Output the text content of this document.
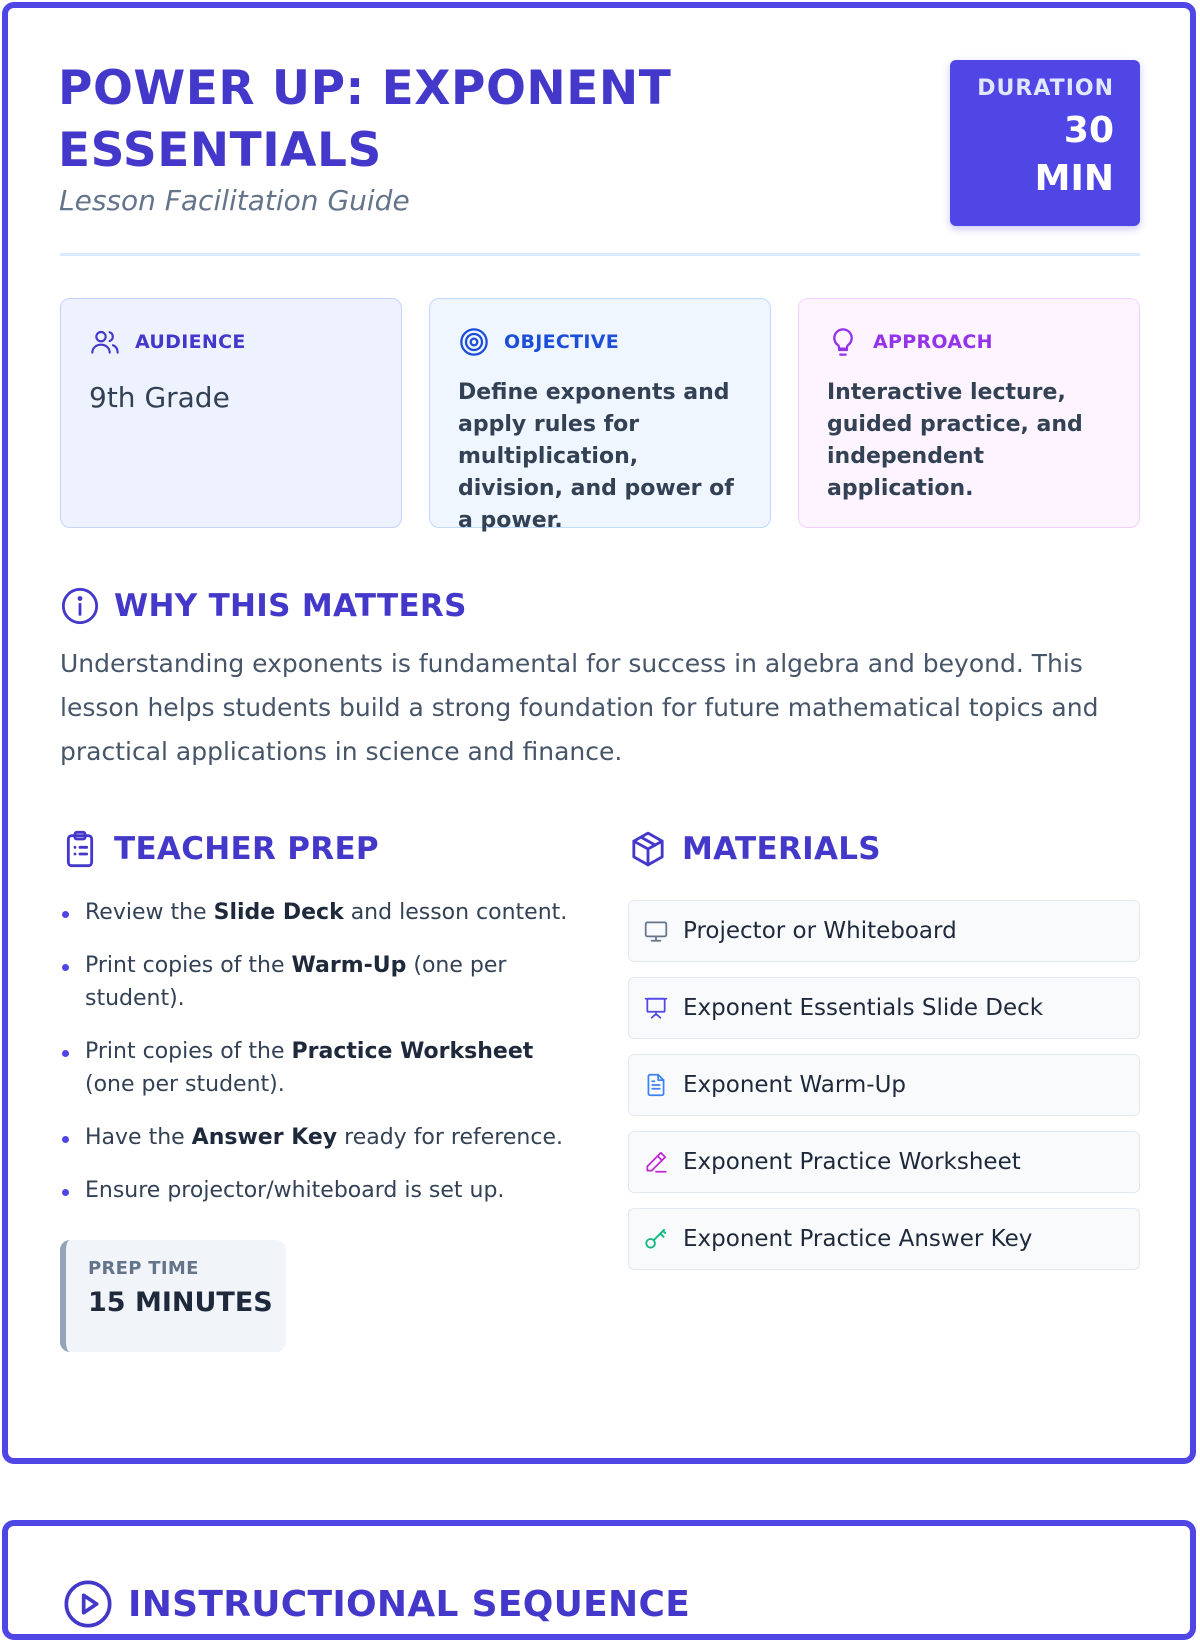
POWER UP: EXPONENT
ESSENTIALS
Lesson Facilitation Guide
DURATION
30
MIN
AUDIENCE
9th Grade
OBJECTIVE
Define exponents and apply rules for multiplication, division, and power of a power.
APPROACH
Interactive lecture, guided practice, and independent application.
WHY THIS MATTERS

Understanding exponents is fundamental for success in algebra and beyond. This lesson helps students build a strong foundation for future mathematical topics and practical applications in science and finance.

TEACHER PREP
Review the Slide Deck and lesson content.
Print copies of the Warm-Up (one per student).
Print copies of the Practice Worksheet (one per student).
Have the Answer Key ready for reference.
Ensure projector/whiteboard is set up.
PREP TIME
15 MINUTES
MATERIALS
Projector or Whiteboard
Exponent Essentials Slide Deck
Exponent Warm-Up
Exponent Practice Worksheet
Exponent Practice Answer Key
INSTRUCTIONAL SEQUENCE
